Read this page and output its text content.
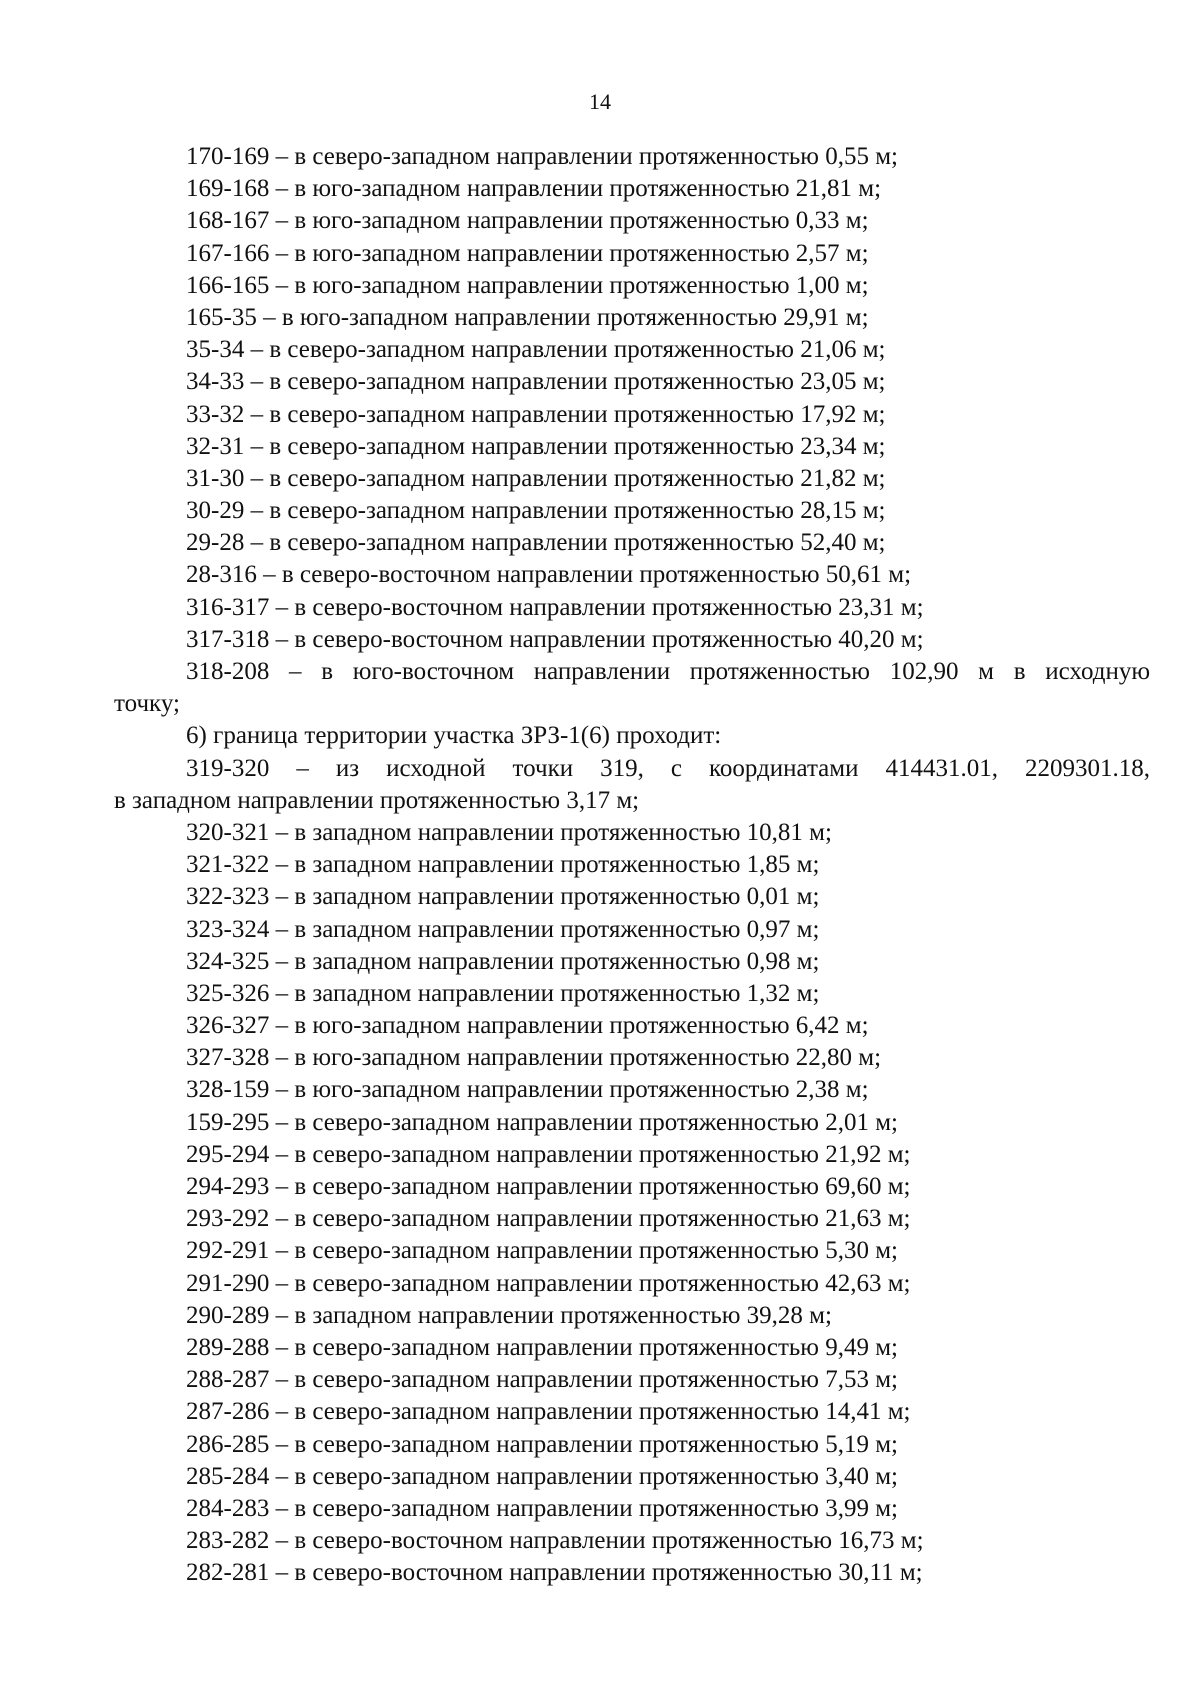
14
170-169 – в северо-западном направлении протяженностью 0,55 м;
169-168 – в юго-западном направлении протяженностью 21,81 м;
168-167 – в юго-западном направлении протяженностью 0,33 м;
167-166 – в юго-западном направлении протяженностью 2,57 м;
166-165 – в юго-западном направлении протяженностью 1,00 м;
165-35 – в юго-западном направлении протяженностью 29,91 м;
35-34 – в северо-западном направлении протяженностью 21,06 м;
34-33 – в северо-западном направлении протяженностью 23,05 м;
33-32 – в северо-западном направлении протяженностью 17,92 м;
32-31 – в северо-западном направлении протяженностью 23,34 м;
31-30 – в северо-западном направлении протяженностью 21,82 м;
30-29 – в северо-западном направлении протяженностью 28,15 м;
29-28 – в северо-западном направлении протяженностью 52,40 м;
28-316 – в северо-восточном направлении протяженностью 50,61 м;
316-317 – в северо-восточном направлении протяженностью 23,31 м;
317-318 – в северо-восточном направлении протяженностью 40,20 м;
318-208 – в юго-восточном направлении протяженностью 102,90 м в исходную
точку;
6) граница территории участка ЗРЗ-1(6) проходит:
319-320 – из исходной точки 319, с координатами 414431.01, 2209301.18,
в западном направлении протяженностью 3,17 м;
320-321 – в западном направлении протяженностью 10,81 м;
321-322 – в западном направлении протяженностью 1,85 м;
322-323 – в западном направлении протяженностью 0,01 м;
323-324 – в западном направлении протяженностью 0,97 м;
324-325 – в западном направлении протяженностью 0,98 м;
325-326 – в западном направлении протяженностью 1,32 м;
326-327 – в юго-западном направлении протяженностью 6,42 м;
327-328 – в юго-западном направлении протяженностью 22,80 м;
328-159 – в юго-западном направлении протяженностью 2,38 м;
159-295 – в северо-западном направлении протяженностью 2,01 м;
295-294 – в северо-западном направлении протяженностью 21,92 м;
294-293 – в северо-западном направлении протяженностью 69,60 м;
293-292 – в северо-западном направлении протяженностью 21,63 м;
292-291 – в северо-западном направлении протяженностью 5,30 м;
291-290 – в северо-западном направлении протяженностью 42,63 м;
290-289 – в западном направлении протяженностью 39,28 м;
289-288 – в северо-западном направлении протяженностью 9,49 м;
288-287 – в северо-западном направлении протяженностью 7,53 м;
287-286 – в северо-западном направлении протяженностью 14,41 м;
286-285 – в северо-западном направлении протяженностью 5,19 м;
285-284 – в северо-западном направлении протяженностью 3,40 м;
284-283 – в северо-западном направлении протяженностью 3,99 м;
283-282 – в северо-восточном направлении протяженностью 16,73 м;
282-281 – в северо-восточном направлении протяженностью 30,11 м;
